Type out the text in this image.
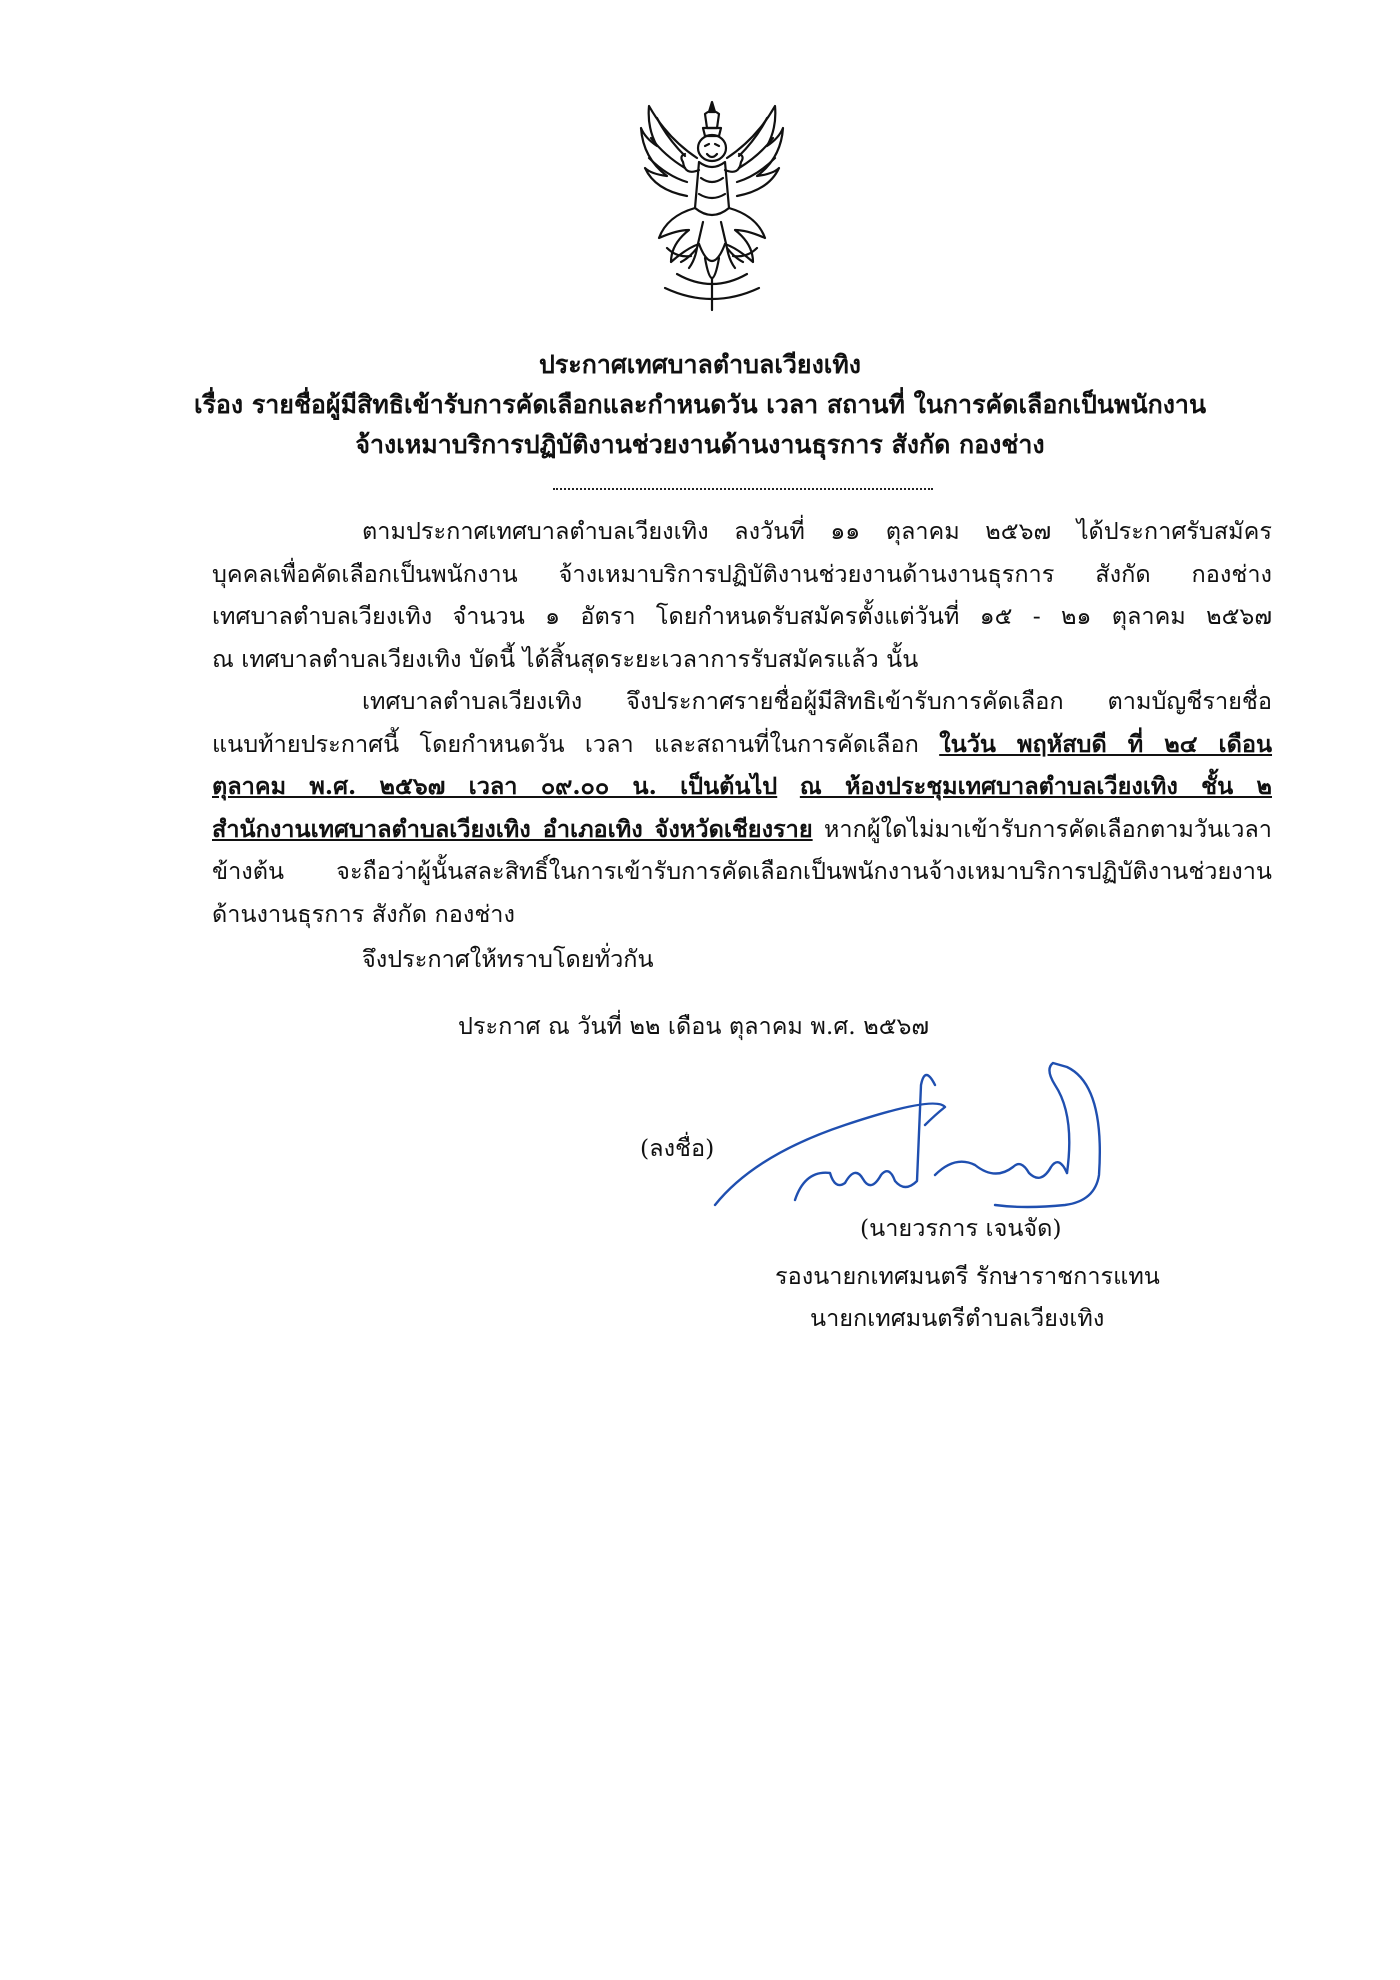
ประกาศเทศบาลตำบลเวียงเทิง
เรื่อง รายชื่อผู้มีสิทธิเข้ารับการคัดเลือกและกำหนดวัน เวลา สถานที่ ในการคัดเลือกเป็นพนักงาน
จ้างเหมาบริการปฏิบัติงานช่วยงานด้านงานธุรการ สังกัด กองช่าง
ตามประกาศเทศบาลตำบลเวียงเทิง ลงวันที่ ๑๑ ตุลาคม ๒๕๖๗ ได้ประกาศรับสมัคร
บุคคลเพื่อคัดเลือกเป็นพนักงาน จ้างเหมาบริการปฏิบัติงานช่วยงานด้านงานธุรการ สังกัด กองช่าง
เทศบาลตำบลเวียงเทิง จำนวน ๑ อัตรา โดยกำหนดรับสมัครตั้งแต่วันที่ ๑๕ - ๒๑ ตุลาคม ๒๕๖๗
ณ เทศบาลตำบลเวียงเทิง บัดนี้ ได้สิ้นสุดระยะเวลาการรับสมัครแล้ว นั้น
เทศบาลตำบลเวียงเทิง จึงประกาศรายชื่อผู้มีสิทธิเข้ารับการคัดเลือก ตามบัญชีรายชื่อ
แนบท้ายประกาศนี้ โดยกำหนดวัน เวลา และสถานที่ในการคัดเลือก ในวัน พฤหัสบดี ที่ ๒๔ เดือน
ตุลาคม พ.ศ. ๒๕๖๗ เวลา ๐๙.๐๐ น. เป็นต้นไป ณ ห้องประชุมเทศบาลตำบลเวียงเทิง ชั้น ๒
สำนักงานเทศบาลตำบลเวียงเทิง อำเภอเทิง จังหวัดเชียงราย หากผู้ใดไม่มาเข้ารับการคัดเลือกตามวันเวลา
ข้างต้น จะถือว่าผู้นั้นสละสิทธิ์ในการเข้ารับการคัดเลือกเป็นพนักงานจ้างเหมาบริการปฏิบัติงานช่วยงาน
ด้านงานธุรการ สังกัด กองช่าง
จึงประกาศให้ทราบโดยทั่วกัน
ประกาศ ณ วันที่ ๒๒ เดือน ตุลาคม พ.ศ. ๒๕๖๗
(ลงชื่อ)
(นายวรการ เจนจัด)
รองนายกเทศมนตรี รักษาราชการแทน
นายกเทศมนตรีตำบลเวียงเทิง
